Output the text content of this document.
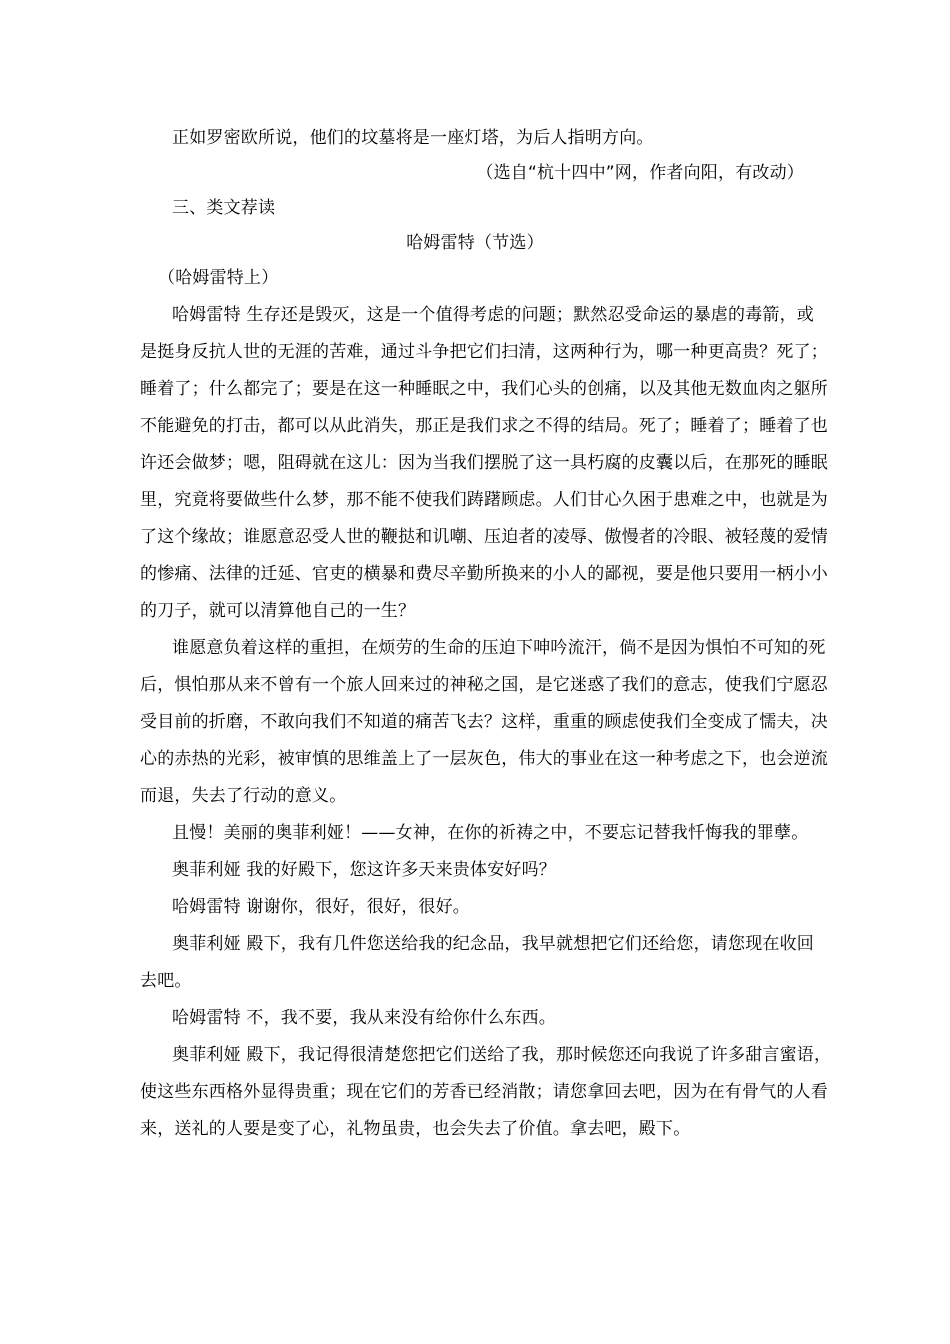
正如罗密欧所说，他们的坟墓将是一座灯塔，为后人指明方向。
（选自“杭十四中”网，作者向阳，有改动）
三、类文荐读
哈姆雷特（节选）
（哈姆雷特上）
哈姆雷特 生存还是毁灭，这是一个值得考虑的问题；默然忍受命运的暴虐的毒箭，或
是挺身反抗人世的无涯的苦难，通过斗争把它们扫清，这两种行为，哪一种更高贵？死了；
睡着了；什么都完了；要是在这一种睡眠之中，我们心头的创痛，以及其他无数血肉之躯所
不能避免的打击，都可以从此消失，那正是我们求之不得的结局。死了；睡着了；睡着了也
许还会做梦；嗯，阻碍就在这儿：因为当我们摆脱了这一具朽腐的皮囊以后，在那死的睡眠
里，究竟将要做些什么梦，那不能不使我们踌躇顾虑。人们甘心久困于患难之中，也就是为
了这个缘故；谁愿意忍受人世的鞭挞和讥嘲、压迫者的凌辱、傲慢者的冷眼、被轻蔑的爱情
的惨痛、法律的迁延、官吏的横暴和费尽辛勤所换来的小人的鄙视，要是他只要用一柄小小
的刀子，就可以清算他自己的一生？
谁愿意负着这样的重担，在烦劳的生命的压迫下呻吟流汗，倘不是因为惧怕不可知的死
后，惧怕那从来不曾有一个旅人回来过的神秘之国，是它迷惑了我们的意志，使我们宁愿忍
受目前的折磨，不敢向我们不知道的痛苦飞去？这样，重重的顾虑使我们全变成了懦夫，决
心的赤热的光彩，被审慎的思维盖上了一层灰色，伟大的事业在这一种考虑之下，也会逆流
而退，失去了行动的意义。
且慢！美丽的奥菲利娅！——女神，在你的祈祷之中，不要忘记替我忏悔我的罪孽。
奥菲利娅 我的好殿下，您这许多天来贵体安好吗？
哈姆雷特 谢谢你，很好，很好，很好。
奥菲利娅 殿下，我有几件您送给我的纪念品，我早就想把它们还给您，请您现在收回
去吧。
哈姆雷特 不，我不要，我从来没有给你什么东西。
奥菲利娅 殿下，我记得很清楚您把它们送给了我，那时候您还向我说了许多甜言蜜语，
使这些东西格外显得贵重；现在它们的芳香已经消散；请您拿回去吧，因为在有骨气的人看
来，送礼的人要是变了心，礼物虽贵，也会失去了价值。拿去吧，殿下。
